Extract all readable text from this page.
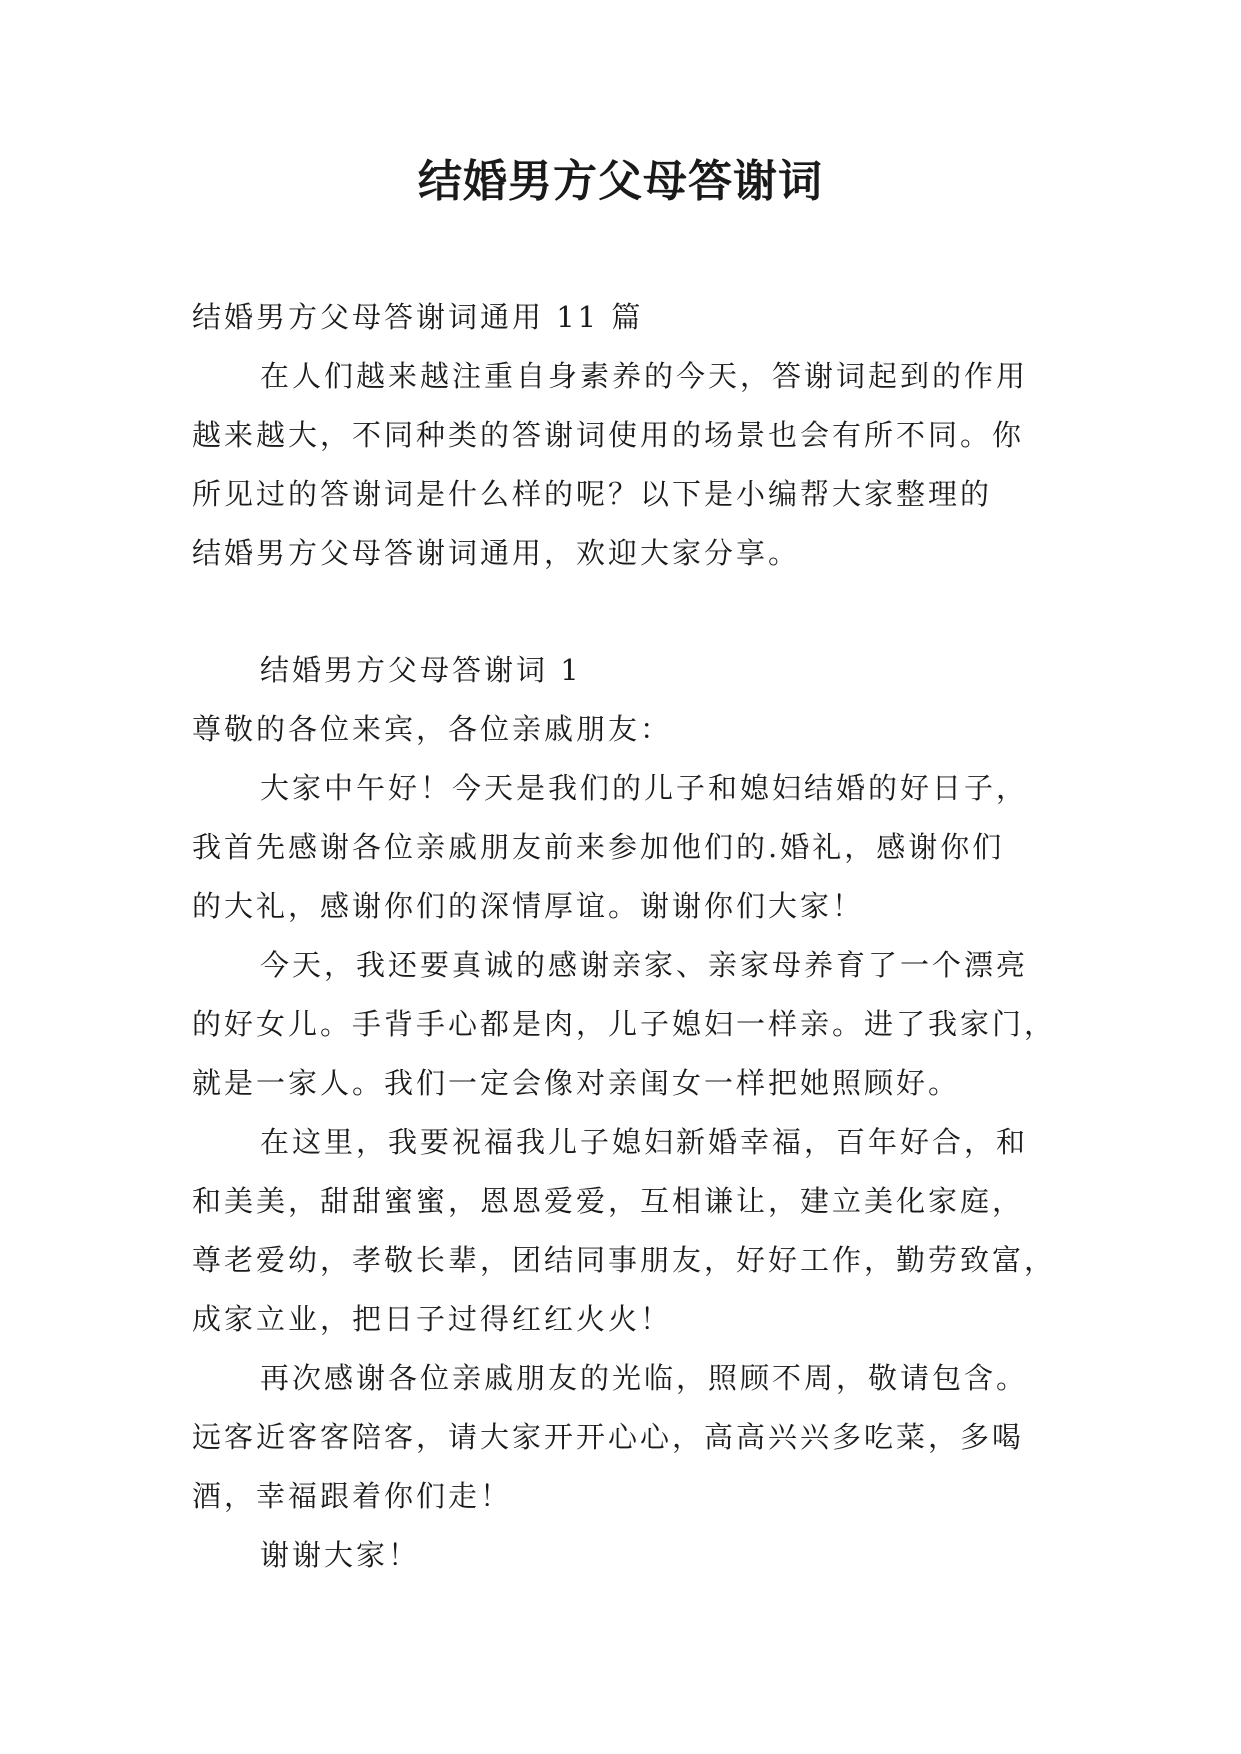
结婚男方父母答谢词
结婚男方父母答谢词通用 11 篇
在人们越来越注重自身素养的今天，答谢词起到的作用
越来越大，不同种类的答谢词使用的场景也会有所不同。你
所见过的答谢词是什么样的呢？以下是小编帮大家整理的
结婚男方父母答谢词通用，欢迎大家分享。
结婚男方父母答谢词 1
尊敬的各位来宾，各位亲戚朋友：
大家中午好！今天是我们的儿子和媳妇结婚的好日子，
我首先感谢各位亲戚朋友前来参加他们的.婚礼，感谢你们
的大礼，感谢你们的深情厚谊。谢谢你们大家！
今天，我还要真诚的感谢亲家、亲家母养育了一个漂亮
的好女儿。手背手心都是肉，儿子媳妇一样亲。进了我家门，
就是一家人。我们一定会像对亲闺女一样把她照顾好。
在这里，我要祝福我儿子媳妇新婚幸福，百年好合，和
和美美，甜甜蜜蜜，恩恩爱爱，互相谦让，建立美化家庭，
尊老爱幼，孝敬长辈，团结同事朋友，好好工作，勤劳致富，
成家立业，把日子过得红红火火！
再次感谢各位亲戚朋友的光临，照顾不周，敬请包含。
远客近客客陪客，请大家开开心心，高高兴兴多吃菜，多喝
酒，幸福跟着你们走！
谢谢大家！
